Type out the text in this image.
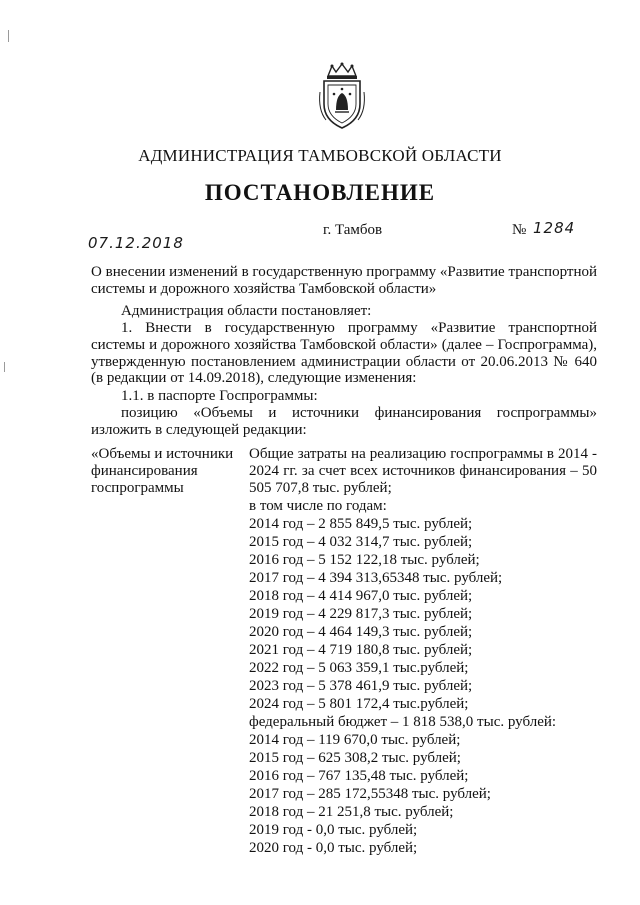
АДМИНИСТРАЦИЯ ТАМБОВСКОЙ ОБЛАСТИ
ПОСТАНОВЛЕНИЕ
07.12.2018
г. Тамбов	№ 1284
О внесении изменений в государственную программу «Развитие транспортной системы и дорожного хозяйства Тамбовской области»
Администрация области постановляет:
1. Внести в государственную программу «Развитие транспортной системы и дорожного хозяйства Тамбовской области» (далее – Госпрограмма), утвержденную постановлением администрации области от 20.06.2013 № 640 (в редакции от 14.09.2018), следующие изменения:
1.1. в паспорте Госпрограммы:
позицию «Объемы и источники финансирования госпрограммы» изложить в следующей редакции:
«Объемы и источники финансирования госпрограммы
Общие затраты на реализацию госпрограммы в 2014 - 2024 гг. за счет всех источников финансирования – 50 505 707,8 тыс. рублей;
в том числе по годам:
2014 год – 2 855 849,5 тыс. рублей;
2015 год – 4 032 314,7 тыс. рублей;
2016 год – 5 152 122,18 тыс. рублей;
2017 год – 4 394 313,65348 тыс. рублей;
2018 год – 4 414 967,0 тыс. рублей;
2019 год – 4 229 817,3 тыс. рублей;
2020 год – 4 464 149,3 тыс. рублей;
2021 год – 4 719 180,8 тыс. рублей;
2022 год – 5 063 359,1 тыс.рублей;
2023 год – 5 378 461,9 тыс. рублей;
2024 год – 5 801 172,4 тыс.рублей;
федеральный бюджет – 1 818 538,0 тыс. рублей:
2014 год – 119 670,0 тыс. рублей;
2015 год – 625 308,2 тыс. рублей;
2016 год – 767 135,48 тыс. рублей;
2017 год – 285 172,55348 тыс. рублей;
2018 год – 21 251,8 тыс. рублей;
2019 год - 0,0 тыс. рублей;
2020 год - 0,0 тыс. рублей;
